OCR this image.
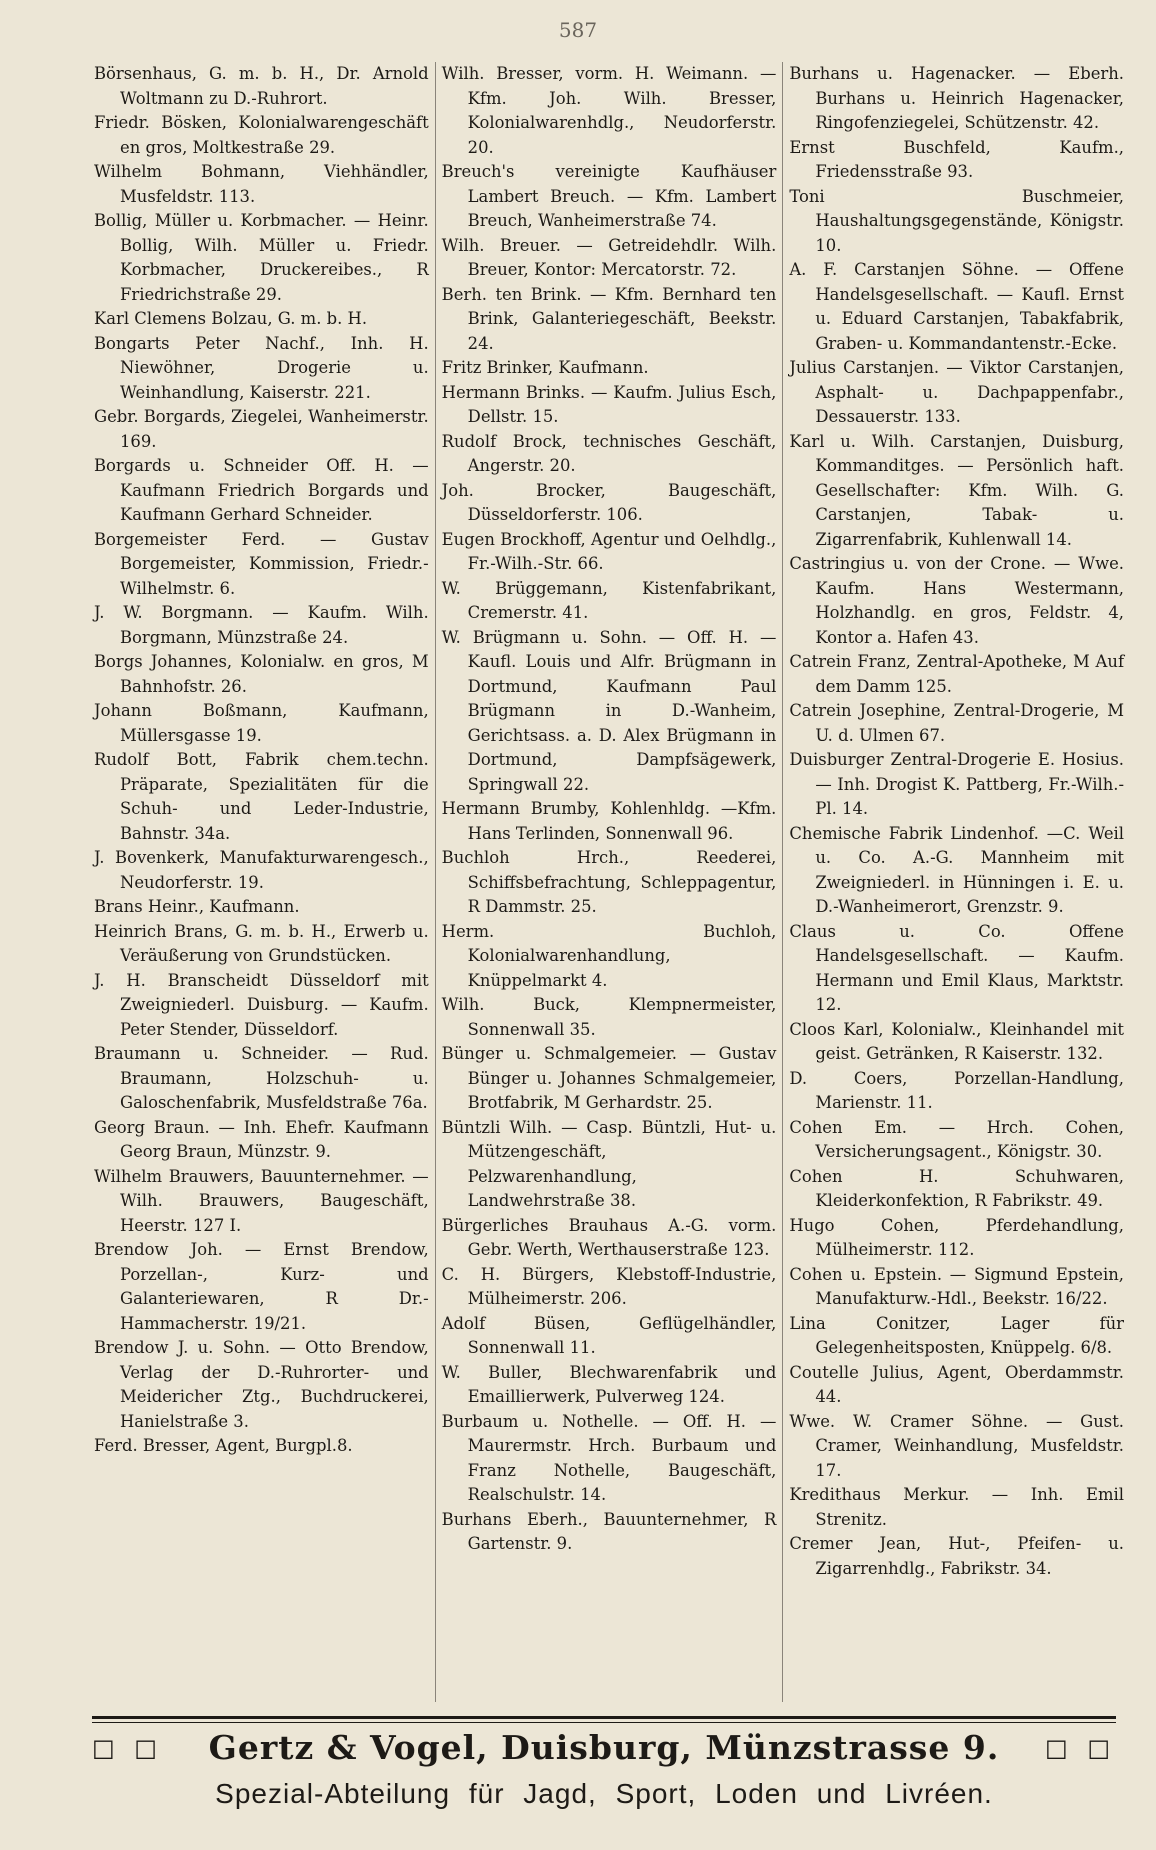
587

Börsenhaus, G. m. b. H., Dr. Arnold Woltmann zu D.-Ruhrort.

Friedr. Bösken, Kolonialwarengeschäft en gros, Moltkestraße 29.

Wilhelm Bohmann, Viehhändler, Musfeldstr. 113.

Bollig, Müller u. Korbmacher. — Heinr. Bollig, Wilh. Müller u. Friedr. Korbmacher, Druckereibes., R Friedrichstraße 29.

Karl Clemens Bolzau, G. m. b. H.

Bongarts Peter Nachf., Inh. H. Niewöhner, Drogerie u. Weinhandlung, Kaiserstr. 221.

Gebr. Borgards, Ziegelei, Wanheimerstr. 169.

Borgards u. Schneider Off. H. — Kaufmann Friedrich Borgards und Kaufmann Gerhard Schneider.

Borgemeister Ferd. — Gustav Borgemeister, Kommission, Friedr.-Wilhelmstr. 6.

J. W. Borgmann. — Kaufm. Wilh. Borgmann, Münzstraße 24.

Borgs Johannes, Kolonialw. en gros, M Bahnhofstr. 26.

Johann Boßmann, Kaufmann, Müllersgasse 19.

Rudolf Bott, Fabrik chem.techn. Präparate, Spezialitäten für die Schuh- und Leder-Industrie, Bahnstr. 34a.

J. Bovenkerk, Manufakturwarengesch., Neudorferstr. 19.

Brans Heinr., Kaufmann.

Heinrich Brans, G. m. b. H., Erwerb u. Veräußerung von Grundstücken.

J. H. Branscheidt Düsseldorf mit Zweigniederl. Duisburg. — Kaufm. Peter Stender, Düsseldorf.

Braumann u. Schneider. — Rud. Braumann, Holzschuh- u. Galoschenfabrik, Musfeldstraße 76a.

Georg Braun. — Inh. Ehefr. Kaufmann Georg Braun, Münzstr. 9.

Wilhelm Brauwers, Bauunternehmer. — Wilh. Brauwers, Baugeschäft, Heerstr. 127 I.

Brendow Joh. — Ernst Brendow, Porzellan-, Kurz- und Galanteriewaren, R Dr.-Hammacherstr. 19/21.

Brendow J. u. Sohn. — Otto Brendow, Verlag der D.-Ruhrorter- und Meidericher Ztg., Buchdruckerei, Hanielstraße 3.

Ferd. Bresser, Agent, Burgpl.8.

Wilh. Bresser, vorm. H. Weimann. — Kfm. Joh. Wilh. Bresser, Kolonialwarenhdlg., Neudorferstr. 20.

Breuch's vereinigte Kaufhäuser Lambert Breuch. — Kfm. Lambert Breuch, Wanheimerstraße 74.

Wilh. Breuer. — Getreidehdlr. Wilh. Breuer, Kontor: Mercatorstr. 72.

Berh. ten Brink. — Kfm. Bernhard ten Brink, Galanteriegeschäft, Beekstr. 24.

Fritz Brinker, Kaufmann.

Hermann Brinks. — Kaufm. Julius Esch, Dellstr. 15.

Rudolf Brock, technisches Geschäft, Angerstr. 20.

Joh. Brocker, Baugeschäft, Düsseldorferstr. 106.

Eugen Brockhoff, Agentur und Oelhdlg., Fr.-Wilh.-Str. 66.

W. Brüggemann, Kistenfabrikant, Cremerstr. 41.

W. Brügmann u. Sohn. — Off. H. — Kaufl. Louis und Alfr. Brügmann in Dortmund, Kaufmann Paul Brügmann in D.-Wanheim, Gerichtsass. a. D. Alex Brügmann in Dortmund, Dampfsägewerk, Springwall 22.

Hermann Brumby, Kohlenhldg. —Kfm. Hans Terlinden, Sonnenwall 96.

Buchloh Hrch., Reederei, Schiffsbefrachtung, Schleppagentur, R Dammstr. 25.

Herm. Buchloh, Kolonialwarenhandlung, Knüppelmarkt 4.

Wilh. Buck, Klempnermeister, Sonnenwall 35.

Bünger u. Schmalgemeier. — Gustav Bünger u. Johannes Schmalgemeier, Brotfabrik, M Gerhardstr. 25.

Büntzli Wilh. — Casp. Büntzli, Hut- u. Mützengeschäft, Pelzwarenhandlung, Landwehrstraße 38.

Bürgerliches Brauhaus A.-G. vorm. Gebr. Werth, Werthauserstraße 123.

C. H. Bürgers, Klebstoff-Industrie, Mülheimerstr. 206.

Adolf Büsen, Geflügelhändler, Sonnenwall 11.

W. Buller, Blechwarenfabrik und Emaillierwerk, Pulverweg 124.

Burbaum u. Nothelle. — Off. H. — Maurermstr. Hrch. Burbaum und Franz Nothelle, Baugeschäft, Realschulstr. 14.

Burhans Eberh., Bauunternehmer, R Gartenstr. 9.

Burhans u. Hagenacker. — Eberh. Burhans u. Heinrich Hagenacker, Ringofenziegelei, Schützenstr. 42.

Ernst Buschfeld, Kaufm., Friedensstraße 93.

Toni Buschmeier, Haushaltungsgegenstände, Königstr. 10.

A. F. Carstanjen Söhne. — Offene Handelsgesellschaft. — Kaufl. Ernst u. Eduard Carstanjen, Tabakfabrik, Graben- u. Kommandantenstr.-Ecke.

Julius Carstanjen. — Viktor Carstanjen, Asphalt- u. Dachpappenfabr., Dessauerstr. 133.

Karl u. Wilh. Carstanjen, Duisburg, Kommanditges. — Persönlich haft. Gesellschafter: Kfm. Wilh. G. Carstanjen, Tabak- u. Zigarrenfabrik, Kuhlenwall 14.

Castringius u. von der Crone. — Wwe. Kaufm. Hans Westermann, Holzhandlg. en gros, Feldstr. 4, Kontor a. Hafen 43.

Catrein Franz, Zentral-Apotheke, M Auf dem Damm 125.

Catrein Josephine, Zentral-Drogerie, M U. d. Ulmen 67.

Duisburger Zentral-Drogerie E. Hosius. — Inh. Drogist K. Pattberg, Fr.-Wilh.-Pl. 14.

Chemische Fabrik Lindenhof. —C. Weil u. Co. A.-G. Mannheim mit Zweigniederl. in Hünningen i. E. u. D.-Wanheimerort, Grenzstr. 9.

Claus u. Co. Offene Handelsgesellschaft. — Kaufm. Hermann und Emil Klaus, Marktstr. 12.

Cloos Karl, Kolonialw., Kleinhandel mit geist. Getränken, R Kaiserstr. 132.

D. Coers, Porzellan-Handlung, Marienstr. 11.

Cohen Em. — Hrch. Cohen, Versicherungsagent., Königstr. 30.

Cohen H. Schuhwaren, Kleiderkonfektion, R Fabrikstr. 49.

Hugo Cohen, Pferdehandlung, Mülheimerstr. 112.

Cohen u. Epstein. — Sigmund Epstein, Manufakturw.-Hdl., Beekstr. 16/22.

Lina Conitzer, Lager für Gelegenheitsposten, Knüppelg. 6/8.

Coutelle Julius, Agent, Oberdammstr. 44.

Wwe. W. Cramer Söhne. — Gust. Cramer, Weinhandlung, Musfeldstr. 17.

Kredithaus Merkur. — Inh. Emil Strenitz.

Cremer Jean, Hut-, Pfeifen- u. Zigarrenhdlg., Fabrikstr. 34.

□ □ Gertz & Vogel, Duisburg, Münzstrasse 9. □ □
Spezial-Abteilung für Jagd, Sport, Loden und Livréen.
